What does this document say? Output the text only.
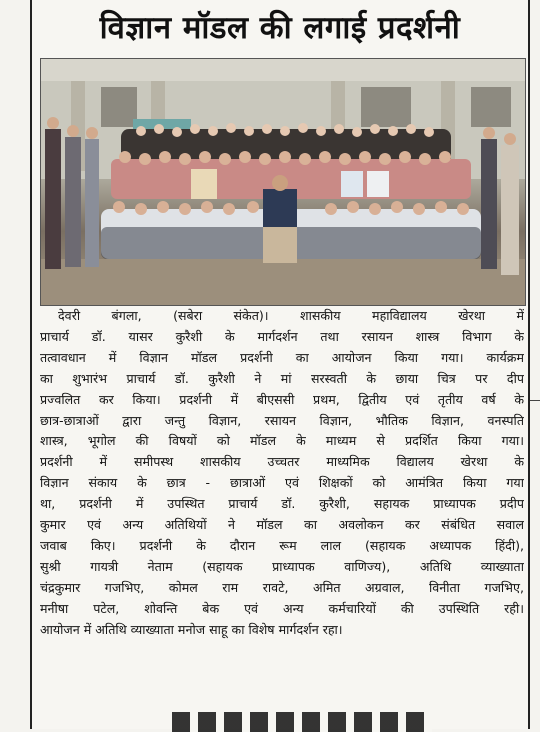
विज्ञान मॉडल की लगाई प्रदर्शनी
देवरी बंगला, (सबेरा संकेत)। शासकीय महाविद्यालय खेरथा में
प्राचार्य डॉ. यासर कुरैशी के मार्गदर्शन तथा रसायन शास्त्र विभाग के
तत्वावधान में विज्ञान मॉडल प्रदर्शनी का आयोजन किया गया। कार्यक्रम
का शुभारंभ प्राचार्य डॉ. कुरैशी ने मां सरस्वती के छाया चित्र पर दीप
प्रज्वलित कर किया। प्रदर्शनी में बीएससी प्रथम, द्वितीय एवं तृतीय वर्ष के
छात्र-छात्राओं द्वारा जन्तु विज्ञान, रसायन विज्ञान, भौतिक विज्ञान, वनस्पति
शास्त्र, भूगोल की विषयों को मॉडल के माध्यम से प्रदर्शित किया गया।
प्रदर्शनी में समीपस्थ शासकीय उच्चतर माध्यमिक विद्यालय खेरथा के
विज्ञान संकाय के छात्र - छात्राओं एवं शिक्षकों को आमंत्रित किया गया
था, प्रदर्शनी में उपस्थित प्राचार्य डॉ. कुरैशी, सहायक प्राध्यापक प्रदीप
कुमार एवं अन्य अतिथियों ने मॉडल का अवलोकन कर संबंधित सवाल
जवाब किए। प्रदर्शनी के दौरान रूम लाल (सहायक अध्यापक हिंदी),
सुश्री गायत्री नेताम (सहायक प्राध्यापक वाणिज्य), अतिथि व्याख्याता
चंद्रकुमार गजभिए, कोमल राम रावटे, अमित अग्रवाल, विनीता गजभिए,
मनीषा पटेल, शोवन्ति बेक एवं अन्य कर्मचारियों की उपस्थिति रही।
आयोजन में अतिथि व्याख्याता मनोज साहू का विशेष मार्गदर्शन रहा।
